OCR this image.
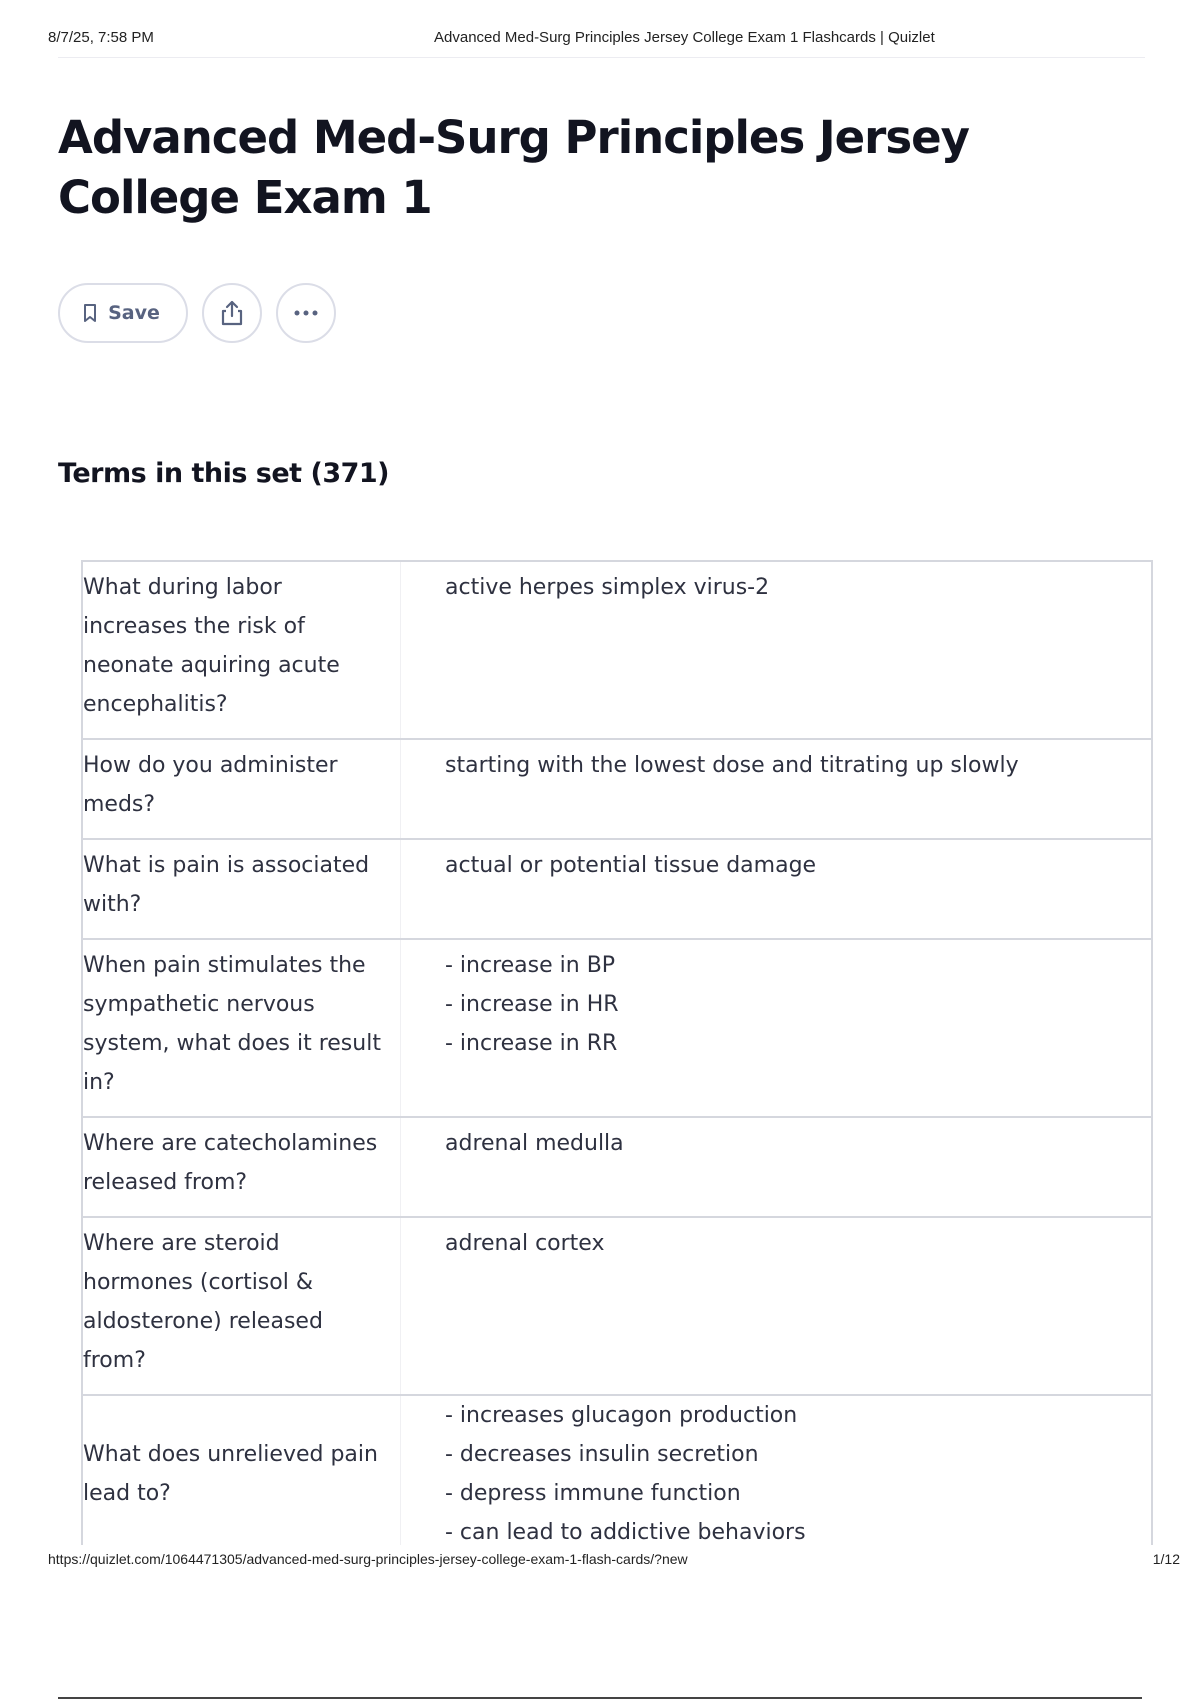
8/7/25, 7:58 PM	Advanced Med-Surg Principles Jersey College Exam 1 Flashcards | Quizlet
Advanced Med-Surg Principles Jersey College Exam 1
Save
Terms in this set (371)
What during labor increases the risk of neonate aquiring acute encephalitis?
active herpes simplex virus-2
How do you administer meds?
starting with the lowest dose and titrating up slowly
What is pain is associated with?
actual or potential tissue damage
When pain stimulates the sympathetic nervous system, what does it result in?
- increase in BP
- increase in HR
- increase in RR
Where are catecholamines released from?
adrenal medulla
Where are steroid hormones (cortisol & aldosterone) released from?
adrenal cortex
What does unrelieved pain lead to?
- increases glucagon production
- decreases insulin secretion
- depress immune function
- can lead to addictive behaviors
https://quizlet.com/1064471305/advanced-med-surg-principles-jersey-college-exam-1-flash-cards/?new	1/12
